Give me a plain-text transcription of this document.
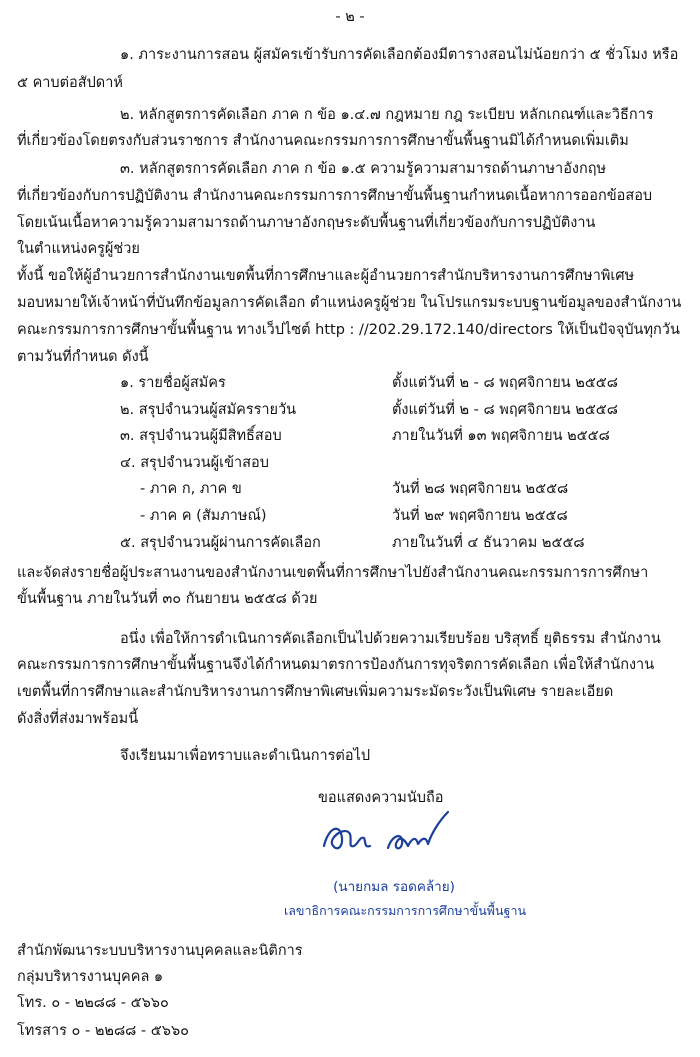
- ๒ -
๑. ภาระงานการสอน ผู้สมัครเข้ารับการคัดเลือกต้องมีตารางสอนไม่น้อยกว่า ๕ ชั่วโมง หรือ
๕ คาบต่อสัปดาห์
๒. หลักสูตรการคัดเลือก ภาค ก ข้อ ๑.๔.๗ กฎหมาย กฎ ระเบียบ หลักเกณฑ์และวิธีการ
ที่เกี่ยวข้องโดยตรงกับส่วนราชการ สำนักงานคณะกรรมการการศึกษาขั้นพื้นฐานมิได้กำหนดเพิ่มเติม
๓. หลักสูตรการคัดเลือก ภาค ก ข้อ ๑.๕ ความรู้ความสามารถด้านภาษาอังกฤษ
ที่เกี่ยวข้องกับการปฏิบัติงาน สำนักงานคณะกรรมการการศึกษาขั้นพื้นฐานกำหนดเนื้อหาการออกข้อสอบ
โดยเน้นเนื้อหาความรู้ความสามารถด้านภาษาอังกฤษระดับพื้นฐานที่เกี่ยวข้องกับการปฏิบัติงาน
ในตำแหน่งครูผู้ช่วย
ทั้งนี้ ขอให้ผู้อำนวยการสำนักงานเขตพื้นที่การศึกษาและผู้อำนวยการสำนักบริหารงานการศึกษาพิเศษ
มอบหมายให้เจ้าหน้าที่บันทึกข้อมูลการคัดเลือก ตำแหน่งครูผู้ช่วย ในโปรแกรมระบบฐานข้อมูลของสำนักงาน
คณะกรรมการการศึกษาขั้นพื้นฐาน ทางเว็ปไซต์ http : //202.29.172.140/directors ให้เป็นปัจจุบันทุกวัน
ตามวันที่กำหนด ดังนี้
๑. รายชื่อผู้สมัคร	ตั้งแต่วันที่ ๒ - ๘ พฤศจิกายน ๒๕๕๘
๒. สรุปจำนวนผู้สมัครรายวัน	ตั้งแต่วันที่ ๒ - ๘ พฤศจิกายน ๒๕๕๘
๓. สรุปจำนวนผู้มีสิทธิ์สอบ	ภายในวันที่ ๑๓ พฤศจิกายน ๒๕๕๘
๔. สรุปจำนวนผู้เข้าสอบ
- ภาค ก, ภาค ข	วันที่ ๒๘ พฤศจิกายน ๒๕๕๘
- ภาค ค (สัมภาษณ์)	วันที่ ๒๙ พฤศจิกายน ๒๕๕๘
๕. สรุปจำนวนผู้ผ่านการคัดเลือก	ภายในวันที่ ๔ ธันวาคม ๒๕๕๘
และจัดส่งรายชื่อผู้ประสานงานของสำนักงานเขตพื้นที่การศึกษาไปยังสำนักงานคณะกรรมการการศึกษา
ขั้นพื้นฐาน ภายในวันที่ ๓๐ กันยายน ๒๕๕๘ ด้วย
อนึ่ง เพื่อให้การดำเนินการคัดเลือกเป็นไปด้วยความเรียบร้อย บริสุทธิ์ ยุติธรรม สำนักงาน
คณะกรรมการการศึกษาขั้นพื้นฐานจึงได้กำหนดมาตรการป้องกันการทุจริตการคัดเลือก เพื่อให้สำนักงาน
เขตพื้นที่การศึกษาและสำนักบริหารงานการศึกษาพิเศษเพิ่มความระมัดระวังเป็นพิเศษ รายละเอียด
ดังสิ่งที่ส่งมาพร้อมนี้
จึงเรียนมาเพื่อทราบและดำเนินการต่อไป
ขอแสดงความนับถือ
(นายกมล รอดคล้าย)
เลขาธิการคณะกรรมการการศึกษาขั้นพื้นฐาน
สำนักพัฒนาระบบบริหารงานบุคคลและนิติการ
กลุ่มบริหารงานบุคคล ๑
โทร. ๐ - ๒๒๘๘ - ๕๖๖๐
โทรสาร ๐ - ๒๒๘๘ - ๕๖๖๐
